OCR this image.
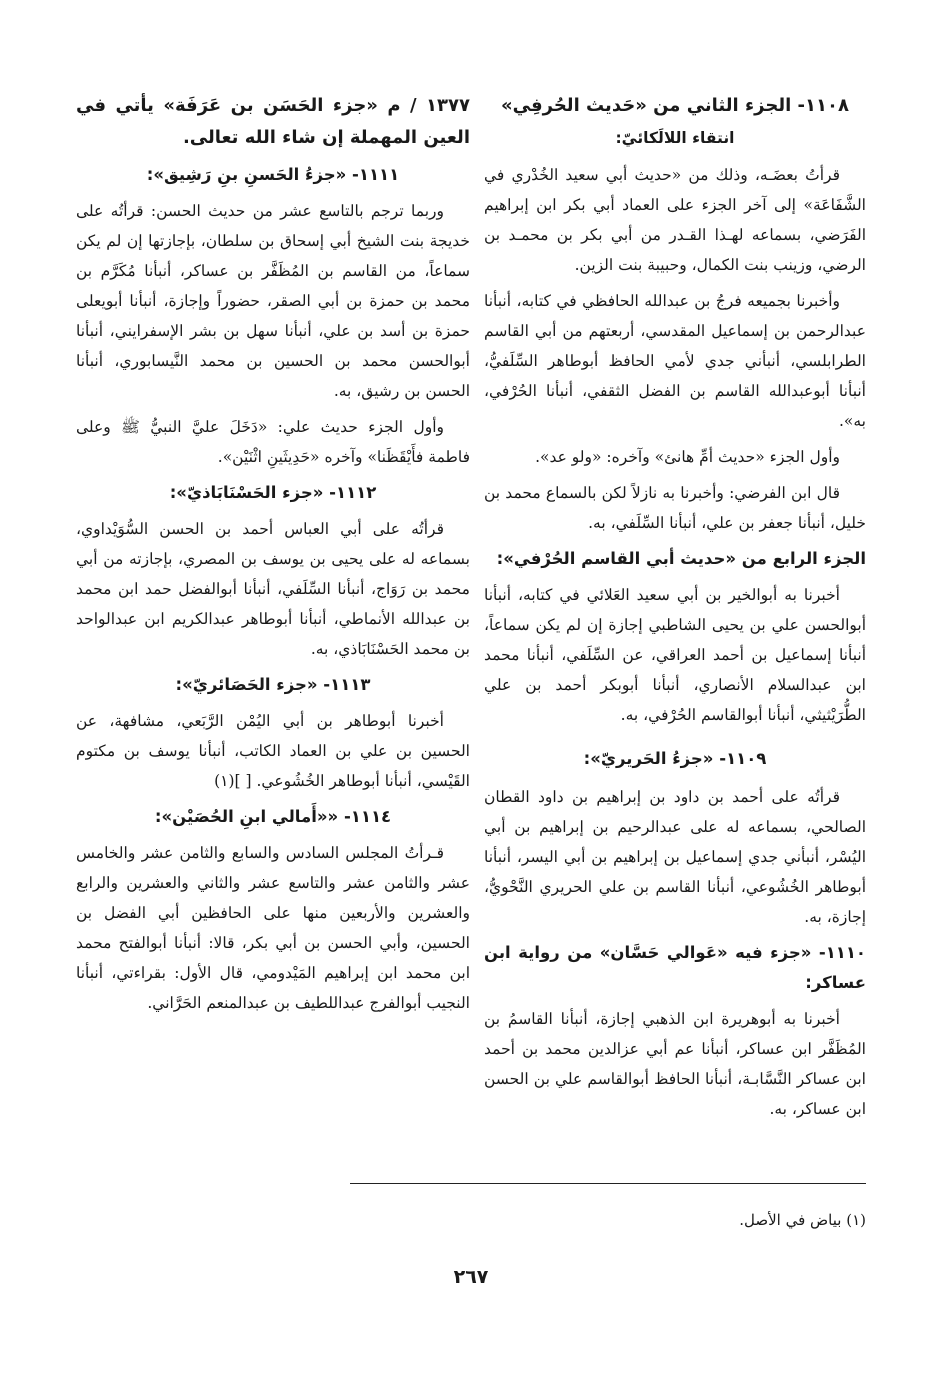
١١٠٨- الجزء الثاني من «حَديث الحُرفِي»
انتقاء اللالَكائيّ:

قرأتُ بعضَـه، وذلك من «حديث أبي سعيد الخُدْري في الشَّفَاعَة» إلى آخر الجزء على العماد أبي بكر ابن إبراهيم الفَرَضي، بسماعه لهـذا القـدر من أبي بكر بن محمـد بن الرضي، وزينب بنت الكمال، وحبيبة بنت الزين.

وأخبرنا بجميعه فرجُ بن عبدالله الحافظي في كتابه، أنبأنا عبدالرحمن بن إسماعيل المقدسي، أربعتهم من أبي القاسم الطرابلسي، أنبأني جدي لأمي الحافظ أبوطاهر السِّلَفيُّ، أنبأنا أبوعبدالله القاسم بن الفضل الثقفي، أنبأنا الحُرْفي، به».

وأول الجزء «حديث أمِّ هانئ» وآخره: «ولو عد».

قال ابن الفرضي: وأخبرنا به نازلاً لكن بالسماع محمد بن خليل، أنبأنا جعفر بن علي، أنبأنا السِّلَفي، به.

الجزء الرابع من «حديث أبي القاسم الحُرْفي»:

أخبرنا به أبوالخير بن أبي سعيد العَلائي في كتابه، أنبأنا أبوالحسن علي بن يحيى الشاطبي إجازة إن لم يكن سماعاً، أنبأنا إسماعيل بن أحمد العراقي، عن السِّلَفي، أنبأنا محمد ابن عبدالسلام الأنصاري، أنبأنا أبوبكر أحمد بن علي الطُّرَيْثيثي، أنبأنا أبوالقاسم الحُرْفي، به.

١١٠٩- «جزءُ الحَريريّ»:

قرأتُه على أحمد بن داود بن إبراهيم بن داود القطان الصالحي، بسماعه له على عبدالرحيم بن إبراهيم بن أبي اليُسْر، أنبأني جدي إسماعيل بن إبراهيم بن أبي اليسر، أنبأنا أبوطاهر الخُشُوعي، أنبأنا القاسم بن علي الحريري النَّحْويُّ، إجازة، به.

١١١٠- «جزء فيه «عَوالي حَسَّان» من رواية ابن عساكر:

أخبرنا به أبوهريرة ابن الذهبي إجازة، أنبأنا القاسمُ بن المُظَفَّر ابن عساكر، أنبأنا عم أبي عزالدين محمد بن أحمد ابن عساكر النَّسَّابـة، أنبأنا الحافظ أبوالقاسم علي بن الحسن ابن عساكر، به.

١٣٧٧ / م «جزء الحَسَن بن عَرَفَة» يأتي في العين المهملة إن شاء الله تعالى.
١١١١- «جزءُ الحَسنِ بنِ رَشِيق»:

وربما ترجم بالتاسع عشر من حديث الحسن: قرأتُه على خديجة بنت الشيخ أبي إسحاق بن سلطان، بإجازتها إن لم يكن سماعاً، من القاسم بن المُظَفَّر بن عساكر، أنبأنا مُكَرَّم بن محمد بن حمزة بن أبي الصقر، حضوراً وإجازة، أنبأنا أبويعلى حمزة بن أسد بن علي، أنبأنا سهل بن بشر الإسفرايني، أنبأنا أبوالحسن محمد بن الحسين بن محمد النَّيسابوري، أنبأنا الحسن بن رشيق، به.

وأول الجزء حديث علي: «دَخَلَ عليَّ النبيُّ ﷺ وعلى فاطمة فأَيْقَظَنا» وآخره «حَدِيثَينِ اثْنَيْن».

١١١٢- «جزء الحَسْنَابَاذيّ»:

قرأتُه على أبي العباس أحمد بن الحسن السُّوَيْداوي، بسماعه له على يحيى بن يوسف بن المصري، بإجازته من أبي محمد بن رَوَاج، أنبأنا السِّلَفي، أنبأنا أبوالفضل حمد ابن محمد بن عبدالله الأنماطي، أنبأنا أبوطاهر عبدالكريم ابن عبدالواحد بن محمد الحَسْنَابَاذي، به.

١١١٣- «جزء الحَصَائريّ»:

أخبرنا أبوطاهر بن أبي اليُمْن الرَّبَعي، مشافهة، عن الحسين بن علي بن العماد الكاتب، أنبأنا يوسف بن مكتوم القَيْسي، أنبأنا أبوطاهر الخُشُوعي. [ ](١)

١١١٤- ««أَمالي ابنِ الحُصَيْن»:

قـرأتُ المجلس السادس والسابع والثامن عشر والخامس عشر والثامن عشر والتاسع عشر والثاني والعشرين والرابع والعشرين والأربعين منها على الحافظين أبي الفضل بن الحسين، وأبي الحسن بن أبي بكر، قالا: أنبأنا أبوالفتح محمد ابن محمد ابن إبراهيم المَيْدومي، قال الأول: بقراءتي، أنبأنا النجيب أبوالفرج عبداللطيف بن عبدالمنعم الحَرَّاني.

(١) بياض في الأصل.
٢٦٧
